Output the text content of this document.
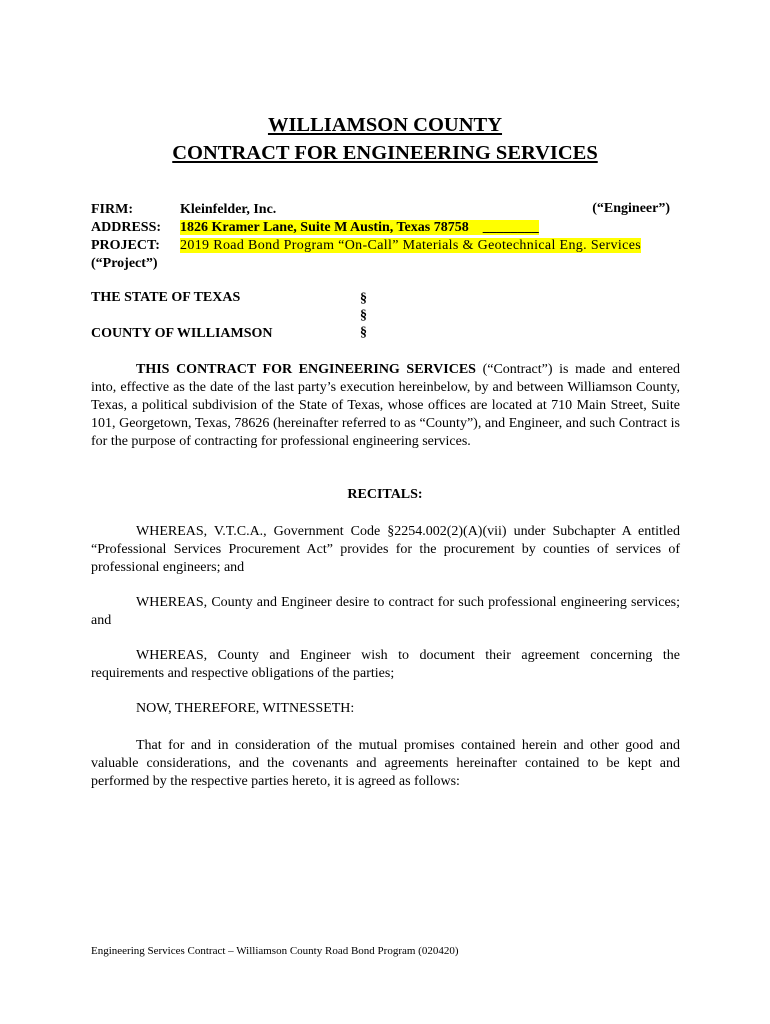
WILLIAMSON COUNTY
CONTRACT FOR ENGINEERING SERVICES
FIRM:	Kleinfelder, Inc.	(“Engineer”)
ADDRESS: 1826 Kramer Lane, Suite M Austin, Texas 78758    ________
PROJECT: 2019 Road Bond Program “On-Call” Materials & Geotechnical Eng. Services
(“Project”)
THE STATE OF TEXAS
COUNTY OF WILLIAMSON
§
§
§
THIS CONTRACT FOR ENGINEERING SERVICES (“Contract”) is made and entered into, effective as the date of the last party’s execution hereinbelow, by and between Williamson County, Texas, a political subdivision of the State of Texas, whose offices are located at 710 Main Street, Suite 101, Georgetown, Texas, 78626 (hereinafter referred to as “County”), and Engineer, and such Contract is for the purpose of contracting for professional engineering services.
RECITALS:
WHEREAS, V.T.C.A., Government Code §2254.002(2)(A)(vii) under Subchapter A entitled “Professional Services Procurement Act” provides for the procurement by counties of services of professional engineers; and
WHEREAS, County and Engineer desire to contract for such professional engineering services; and
WHEREAS, County and Engineer wish to document their agreement concerning the requirements and respective obligations of the parties;
NOW, THEREFORE, WITNESSETH:
That for and in consideration of the mutual promises contained herein and other good and valuable considerations, and the covenants and agreements hereinafter contained to be kept and performed by the respective parties hereto, it is agreed as follows:
Engineering Services Contract – Williamson County Road Bond Program (020420)
